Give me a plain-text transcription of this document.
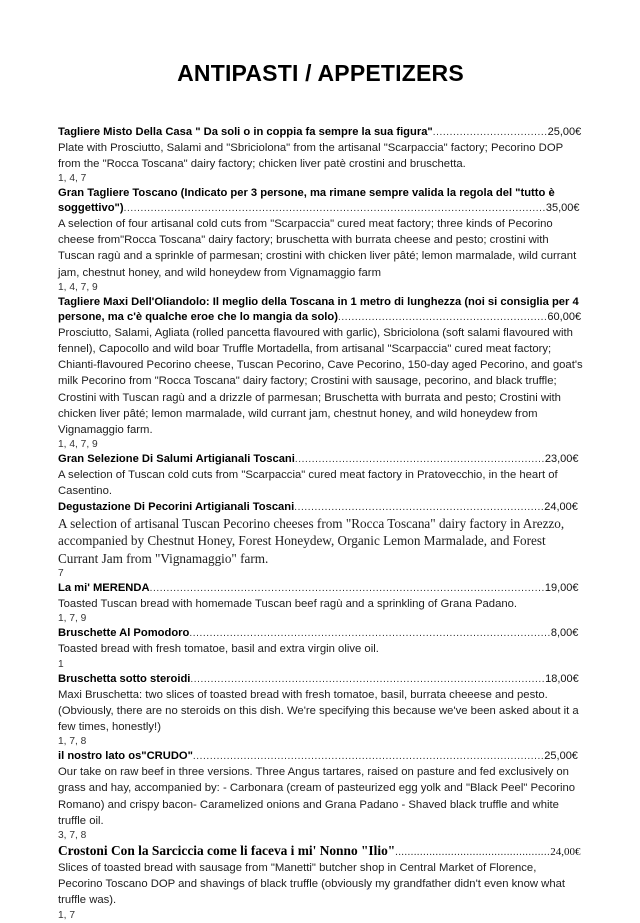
ANTIPASTI / APPETIZERS
Tagliere Misto Della Casa " Da soli o in coppia fa sempre la sua figura"..................................25,00€
Plate with Prosciutto, Salami and "Sbriciolona" from the artisanal "Scarpaccia" factory; Pecorino DOP from the "Rocca Toscana" dairy factory; chicken liver patè crostini and bruschetta.
1, 4, 7
Gran Tagliere Toscano (Indicato per 3 persone, ma rimane sempre valida la regola del "tutto è soggettivo").............................................................................................................................35,00€
A selection of four artisanal cold cuts from "Scarpaccia" cured meat factory; three kinds of Pecorino cheese from"Rocca Toscana" dairy factory; bruschetta with burrata cheese and pesto; crostini with Tuscan ragù and a sprinkle of parmesan; crostini with chicken liver pâté; lemon marmalade, wild currant jam, chestnut honey, and wild honeydew from Vignamaggio farm
1, 4, 7, 9
Tagliere Maxi Dell'Oliandolo: Il meglio della Toscana in 1 metro di lunghezza (noi si consiglia per 4 persone, ma c'è qualche eroe che lo mangia da solo)..............................................................60,00€
Prosciutto, Salami, Agliata (rolled pancetta flavoured with garlic), Sbriciolona (soft salami flavoured with fennel), Capocollo and wild boar Truffle Mortadella, from artisanal "Scarpaccia" cured meat factory; Chianti-flavoured Pecorino cheese, Tuscan Pecorino, Cave Pecorino, 150-day aged Pecorino, and goat's milk Pecorino from "Rocca Toscana" dairy factory; Crostini with sausage, pecorino, and black truffle; Crostini with Tuscan ragù and a drizzle of parmesan; Bruschetta with burrata and pesto; Crostini with chicken liver pâté; lemon marmalade, wild currant jam, chestnut honey, and wild honeydew from Vignamaggio farm.
1, 4, 7, 9
Gran Selezione Di Salumi Artigianali Toscani..........................................................................23,00€
A selection of Tuscan cold cuts from "Scarpaccia" cured meat factory in Pratovecchio, in the heart of Casentino.
Degustazione Di Pecorini Artigianali Toscani..........................................................................24,00€
A selection of artisanal Tuscan Pecorino cheeses from "Rocca Toscana" dairy factory in Arezzo, accompanied by Chestnut Honey, Forest Honeydew, Organic Lemon Marmalade, and Forest Currant Jam from "Vignamaggio" farm.
7
La mi' MERENDA.....................................................................................................................19,00€
Toasted Tuscan bread with homemade Tuscan beef ragù and a sprinkling of Grana Padano.
1, 7, 9
Bruschette Al Pomodoro...........................................................................................................8,00€
Toasted bread with fresh tomatoe, basil and extra virgin olive oil.
1
Bruschetta sotto steroidi.........................................................................................................18,00€
Maxi Bruschetta: two slices of toasted bread with fresh tomatoe, basil, burrata cheeese and pesto. (Obviously, there are no steroids on this dish. We're specifying this because we've been asked about it a few times, honestly!)
1, 7, 8
il nostro lato os"CRUDO"........................................................................................................25,00€
Our take on raw beef in three versions. Three Angus tartares, raised on pasture and fed exclusively on grass and hay, accompanied by: - Carbonara (cream of pasteurized egg yolk and "Black Peel" Pecorino Romano) and crispy bacon- Caramelized onions and Grana Padano - Shaved black truffle and white truffle oil.
3, 7, 8
Crostoni Con la Sarciccia come li faceva i mi' Nonno "Ilio"..................................................24,00€
Slices of toasted bread with sausage from "Manetti" butcher shop in Central Market of Florence, Pecorino Toscano DOP and shavings of black truffle (obviously my grandfather didn't even know what truffle was).
1, 7
